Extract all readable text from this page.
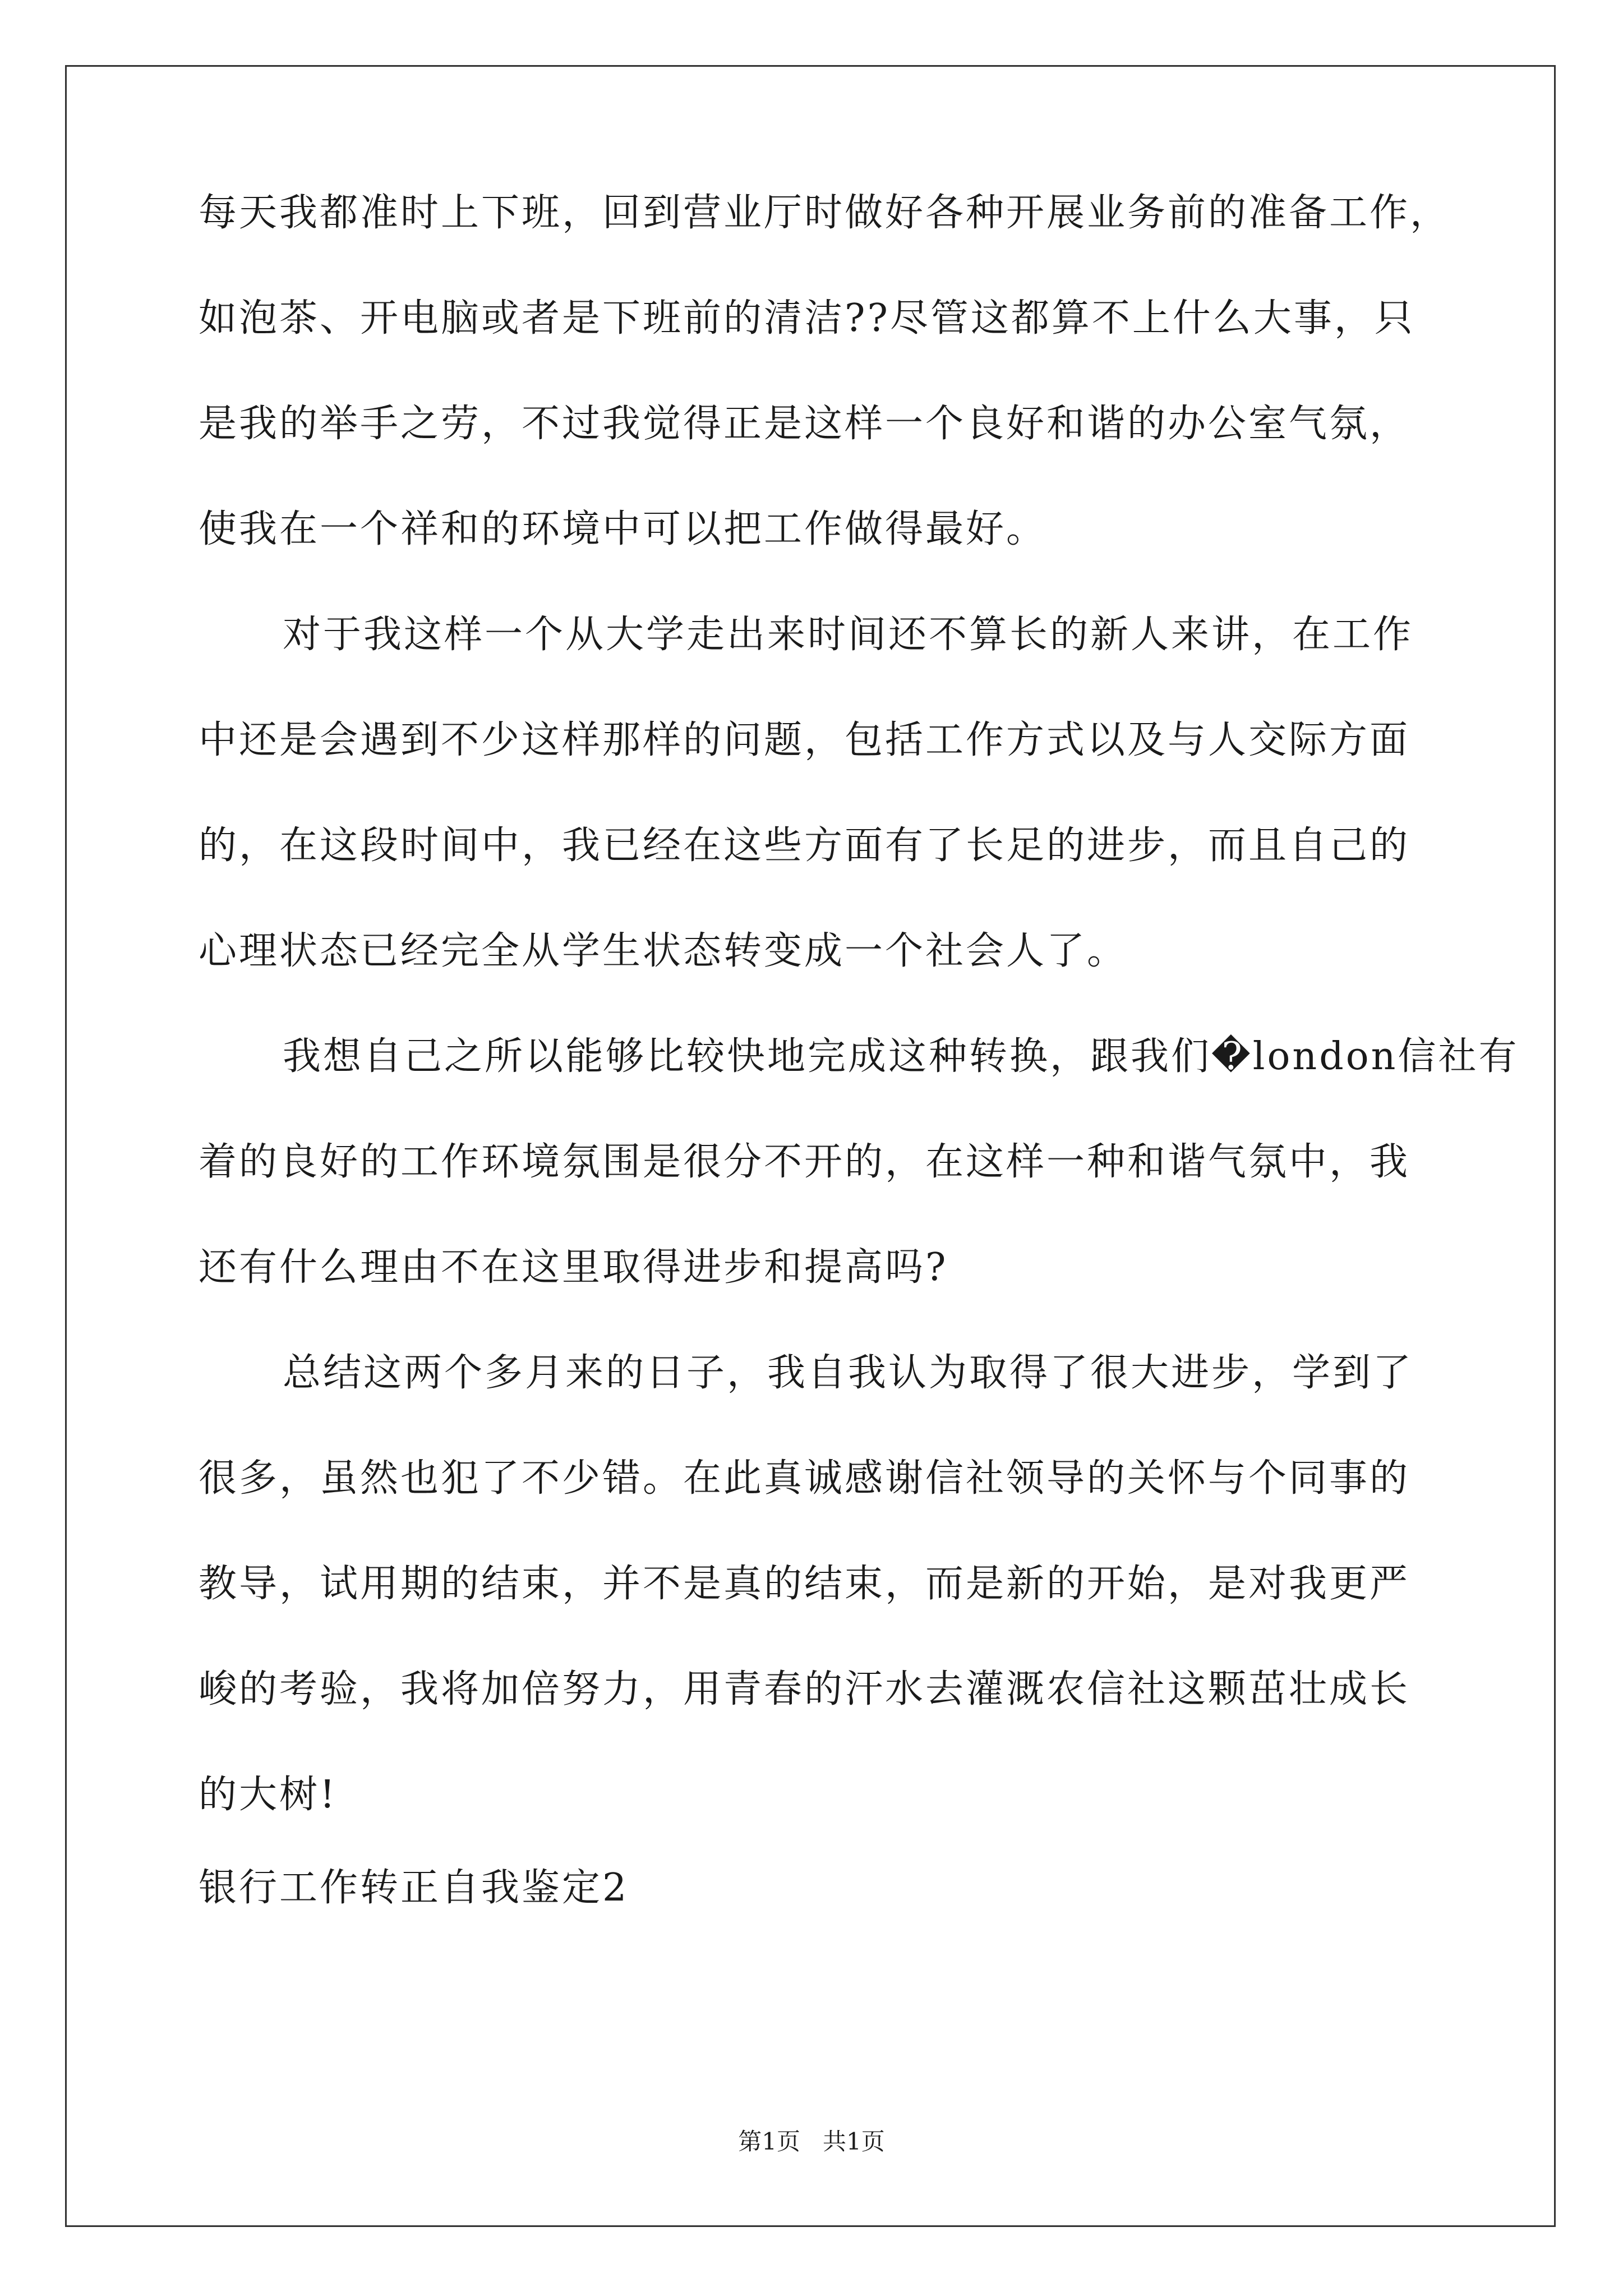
每天我都准时上下班，回到营业厅时做好各种开展业务前的准备工作，
如泡茶、开电脑或者是下班前的清洁??尽管这都算不上什么大事，只
是我的举手之劳，不过我觉得正是这样一个良好和谐的办公室气氛，
使我在一个祥和的环境中可以把工作做得最好。
对于我这样一个从大学走出来时间还不算长的新人来讲，在工作
中还是会遇到不少这样那样的问题，包括工作方式以及与人交际方面
的，在这段时间中，我已经在这些方面有了长足的进步，而且自己的
心理状态已经完全从学生状态转变成一个社会人了。
我想自己之所以能够比较快地完成这种转换，跟我们�london信社有
着的良好的工作环境氛围是很分不开的，在这样一种和谐气氛中，我
还有什么理由不在这里取得进步和提高吗?
总结这两个多月来的日子，我自我认为取得了很大进步，学到了
很多，虽然也犯了不少错。在此真诚感谢信社领导的关怀与个同事的
教导，试用期的结束，并不是真的结束，而是新的开始，是对我更严
峻的考验，我将加倍努力，用青春的汗水去灌溉农信社这颗茁壮成长
的大树!
银行工作转正自我鉴定2
第1页 共1页
